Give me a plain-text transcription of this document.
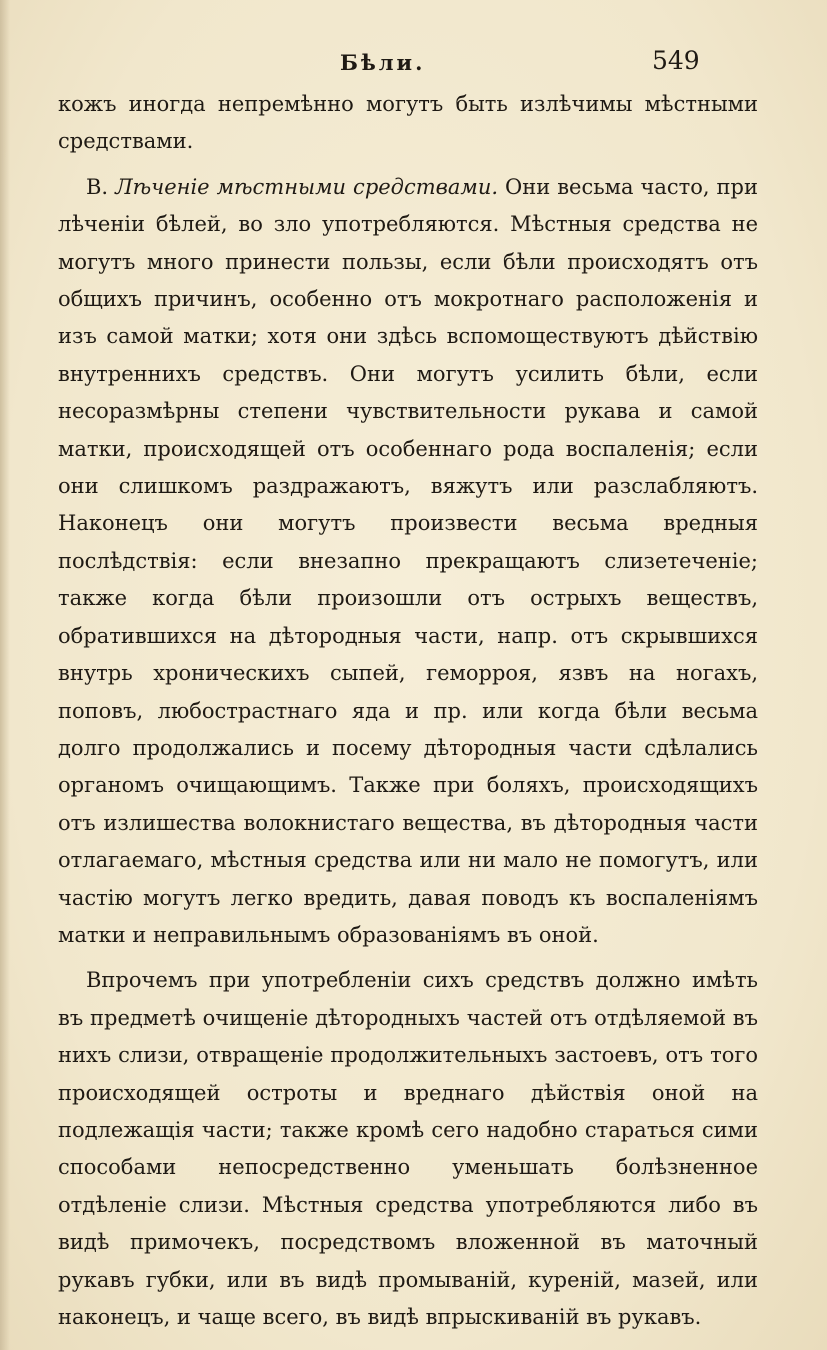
Бѣли.	549

кожъ иногда непремѣнно могутъ быть излѣчимы мѣстными средствами.

В. Лѣченіе мѣстными средствами. Они весьма часто, при лѣченіи бѣлей, во зло употребляются. Мѣстныя средства не могутъ много принести пользы, если бѣли происходятъ отъ общихъ причинъ, особенно отъ мокротнаго расположенія и изъ самой матки; хотя они здѣсь вспомоществуютъ дѣйствію внутреннихъ средствъ. Они могутъ усилить бѣли, если несоразмѣрны степени чувствительности рукава и самой матки, происходящей отъ особеннаго рода воспаленія; если они слишкомъ раздражаютъ, вяжутъ или разслабляютъ. Наконецъ они могутъ произвести весьма вредныя послѣдствія: если внезапно прекращаютъ слизетеченіе; также когда бѣли произошли отъ острыхъ веществъ, обратившихся на дѣтородныя части, напр. отъ скрывшихся внутрь хроническихъ сыпей, геморроя, язвъ на ногахъ, поповъ, любострастнаго яда и пр. или когда бѣли весьма долго продолжались и посему дѣтородныя части сдѣлались органомъ очищающимъ. Также при боляхъ, происходящихъ отъ излишества волокнистаго вещества, въ дѣтородныя части отлагаемаго, мѣстныя средства или ни мало не помогутъ, или частію могутъ легко вредить, давая поводъ къ воспаленіямъ матки и неправильнымъ образованіямъ въ оной.

Впрочемъ при употребленіи сихъ средствъ должно имѣть въ предметѣ очищеніе дѣтородныхъ частей отъ отдѣляемой въ нихъ слизи, отвращеніе продолжительныхъ застоевъ, отъ того происходящей остроты и вреднаго дѣйствія оной на подлежащія части; также кромѣ сего надобно стараться сими способами непосредственно уменьшать болѣзненное отдѣленіе слизи. Мѣстныя средства употребляются либо въ видѣ примочекъ, посредствомъ вложенной въ маточный рукавъ губки, или въ видѣ промыванiй, куреній, мазей, или наконецъ, и чаще всего, въ видѣ впрыскиваній въ рукавъ.
